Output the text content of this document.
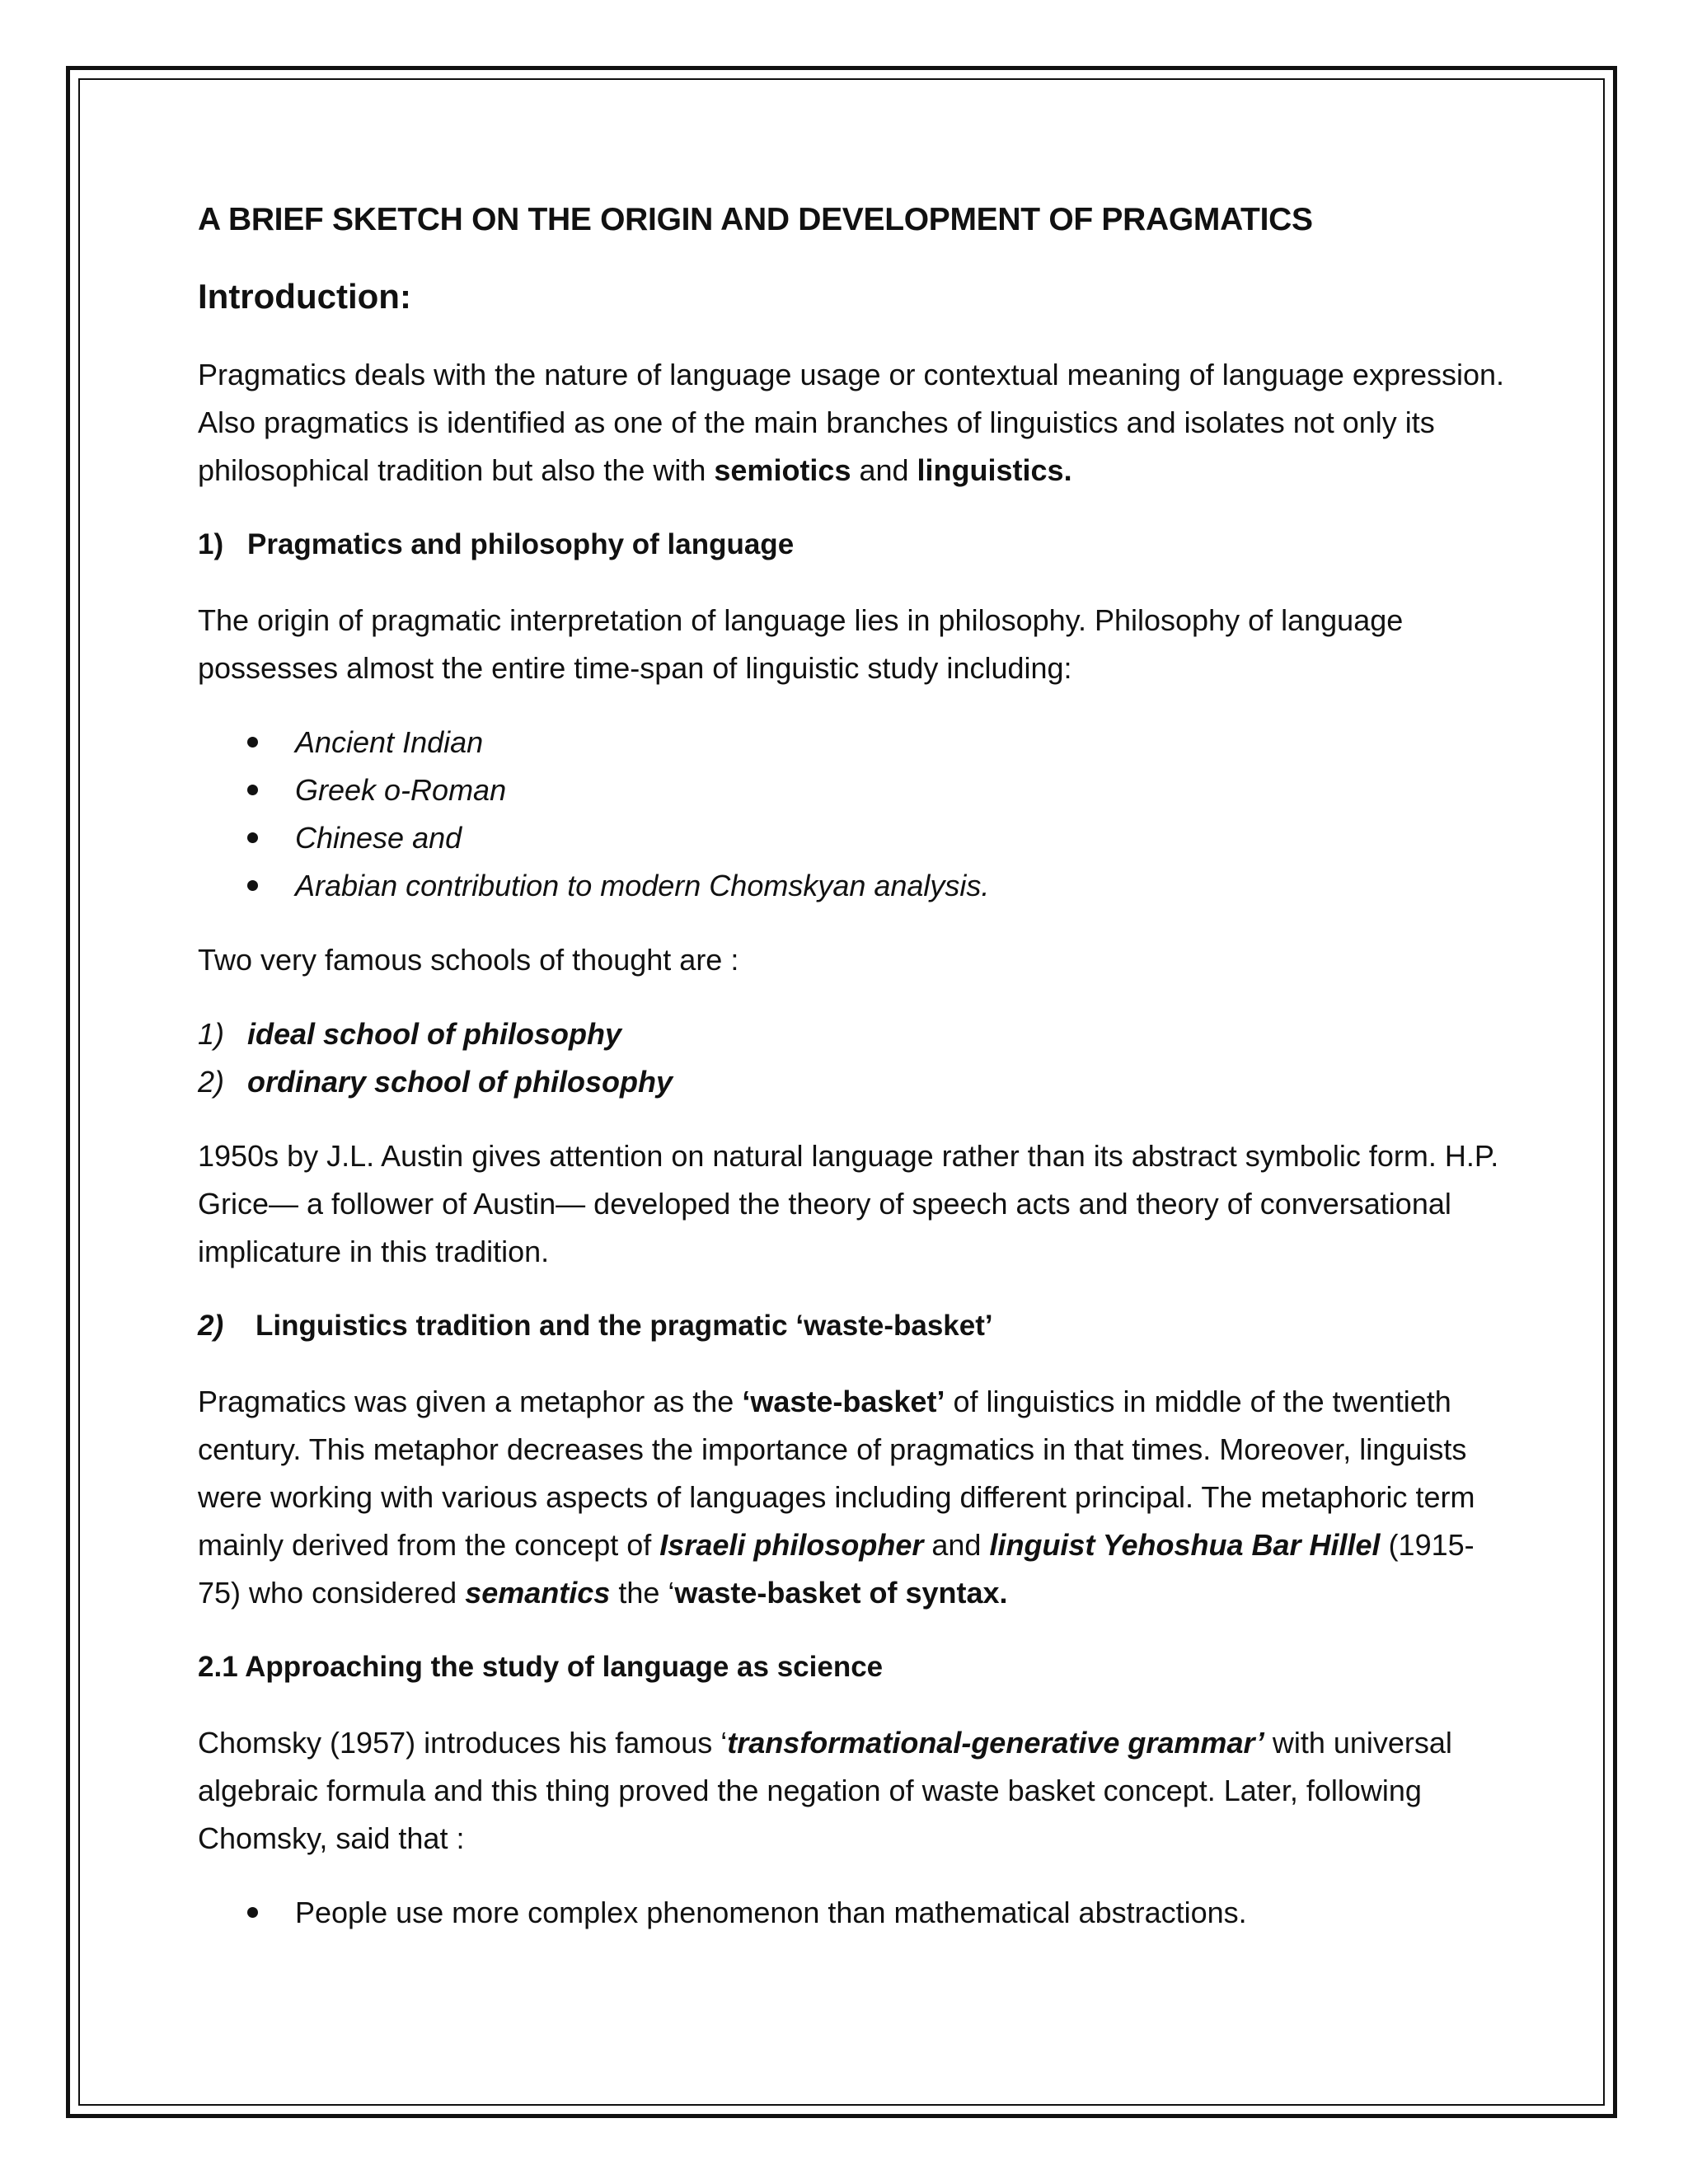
A BRIEF SKETCH ON THE ORIGIN AND DEVELOPMENT OF PRAGMATICS
Introduction:

Pragmatics deals with the nature of language usage or contextual meaning of language expression. Also pragmatics is identified as one of the main branches of linguistics and isolates not only its philosophical tradition but also the with semiotics and linguistics.

1) Pragmatics and philosophy of language

The origin of pragmatic interpretation of language lies in philosophy. Philosophy of language possesses almost the entire time-span of linguistic study including:

Ancient Indian
Greek o-Roman
Chinese and
Arabian contribution to modern Chomskyan analysis.

Two very famous schools of thought are :

1) ideal school of philosophy
2) ordinary school of philosophy

1950s by J.L. Austin gives attention on natural language rather than its abstract symbolic form. H.P. Grice— a follower of Austin— developed the theory of speech acts and theory of conversational implicature in this tradition.

2)	Linguistics tradition and the pragmatic ‘waste-basket’

Pragmatics was given a metaphor as the ‘waste-basket’ of linguistics in middle of the twentieth century. This metaphor decreases the importance of pragmatics in that times. Moreover, linguists were working with various aspects of languages including different principal. The metaphoric term mainly derived from the concept of Israeli philosopher and linguist Yehoshua Bar Hillel (1915- 75) who considered semantics the ‘waste-basket of syntax.

2.1 Approaching the study of language as science

Chomsky (1957) introduces his famous ‘transformational-generative grammar’ with universal algebraic formula and this thing proved the negation of waste basket concept. Later, following Chomsky, said that :

People use more complex phenomenon than mathematical abstractions.
